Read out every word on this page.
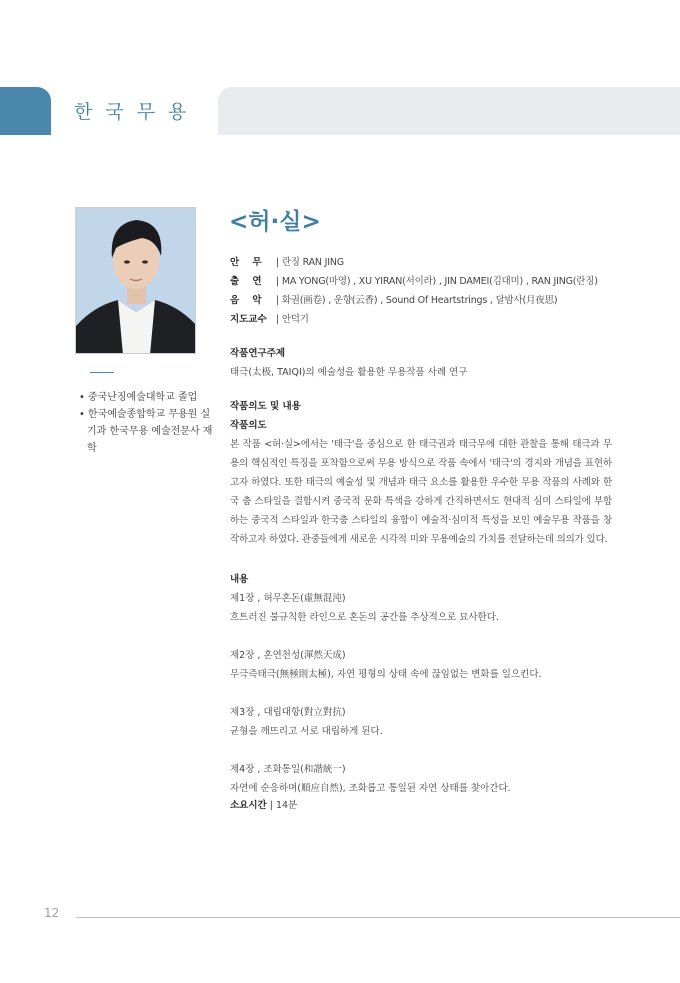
한국무용
• 중국난징예술대학교 졸업
• 한국예술종합학교 무용원 실기과 한국무용 예술전문사 재학
<허·실>
안    무 | 란징 RAN JING
출    연 | MA YONG(마영) , XU YIRAN(서이라) , JIN DAMEI(김대미) , RAN JING(란징)
음    악 | 화권(画卷) , 운향(云香) , Sound Of Heartstrings , 달밤사(月夜思)
지도교수 | 안덕기
작품연구주제
태극(太极, TAIQI)의 예술성을 활용한 무용작품 사례 연구
작품의도 및 내용
작품의도
본 작품 <허·실>에서는 '태극'을 중심으로 한 태극권과 태극무에 대한 관찰을 통해 태극과 무용의 핵심적인 특징을 포착함으로써 무용 방식으로 작품 속에서 '태극'의 경지와 개념을 표현하고자 하였다. 또한 태극의 예술성 및 개념과 태극 요소를 활용한 우수한 무용 작품의 사례와 한국 춤 스타일을 결합시켜 중국적 문화 특색을 강하게 간직하면서도 현대적 심미 스타일에 부합하는 중국적 스타일과 한국춤 스타일의 융합이 예술적·심미적 특성을 보인 예술무용 작품을 창작하고자 하였다. 관중들에게 새로운 시각적 미와 무용예술의 가치를 전달하는데 의의가 있다.
내용
제1장 , 허무혼돈(虛無混沌)
흐트러진 불규칙한 라인으로 혼돈의 공간를 추상적으로 묘사한다.
제2장 , 혼연천성(渾然天成)
무극즉태극(無極則太極), 자연 평형의 상태 속에 끊임없는 변화를 일으킨다.
제3장 , 대립대항(對立對抗)
균형을 깨뜨리고 서로 대립하게 된다.
제4장 , 조화통일(和諧統一)
자연에 순응하며(順应自然), 조화롭고 통일된 자연 상태를 찾아간다.
소요시간 | 14분
12
